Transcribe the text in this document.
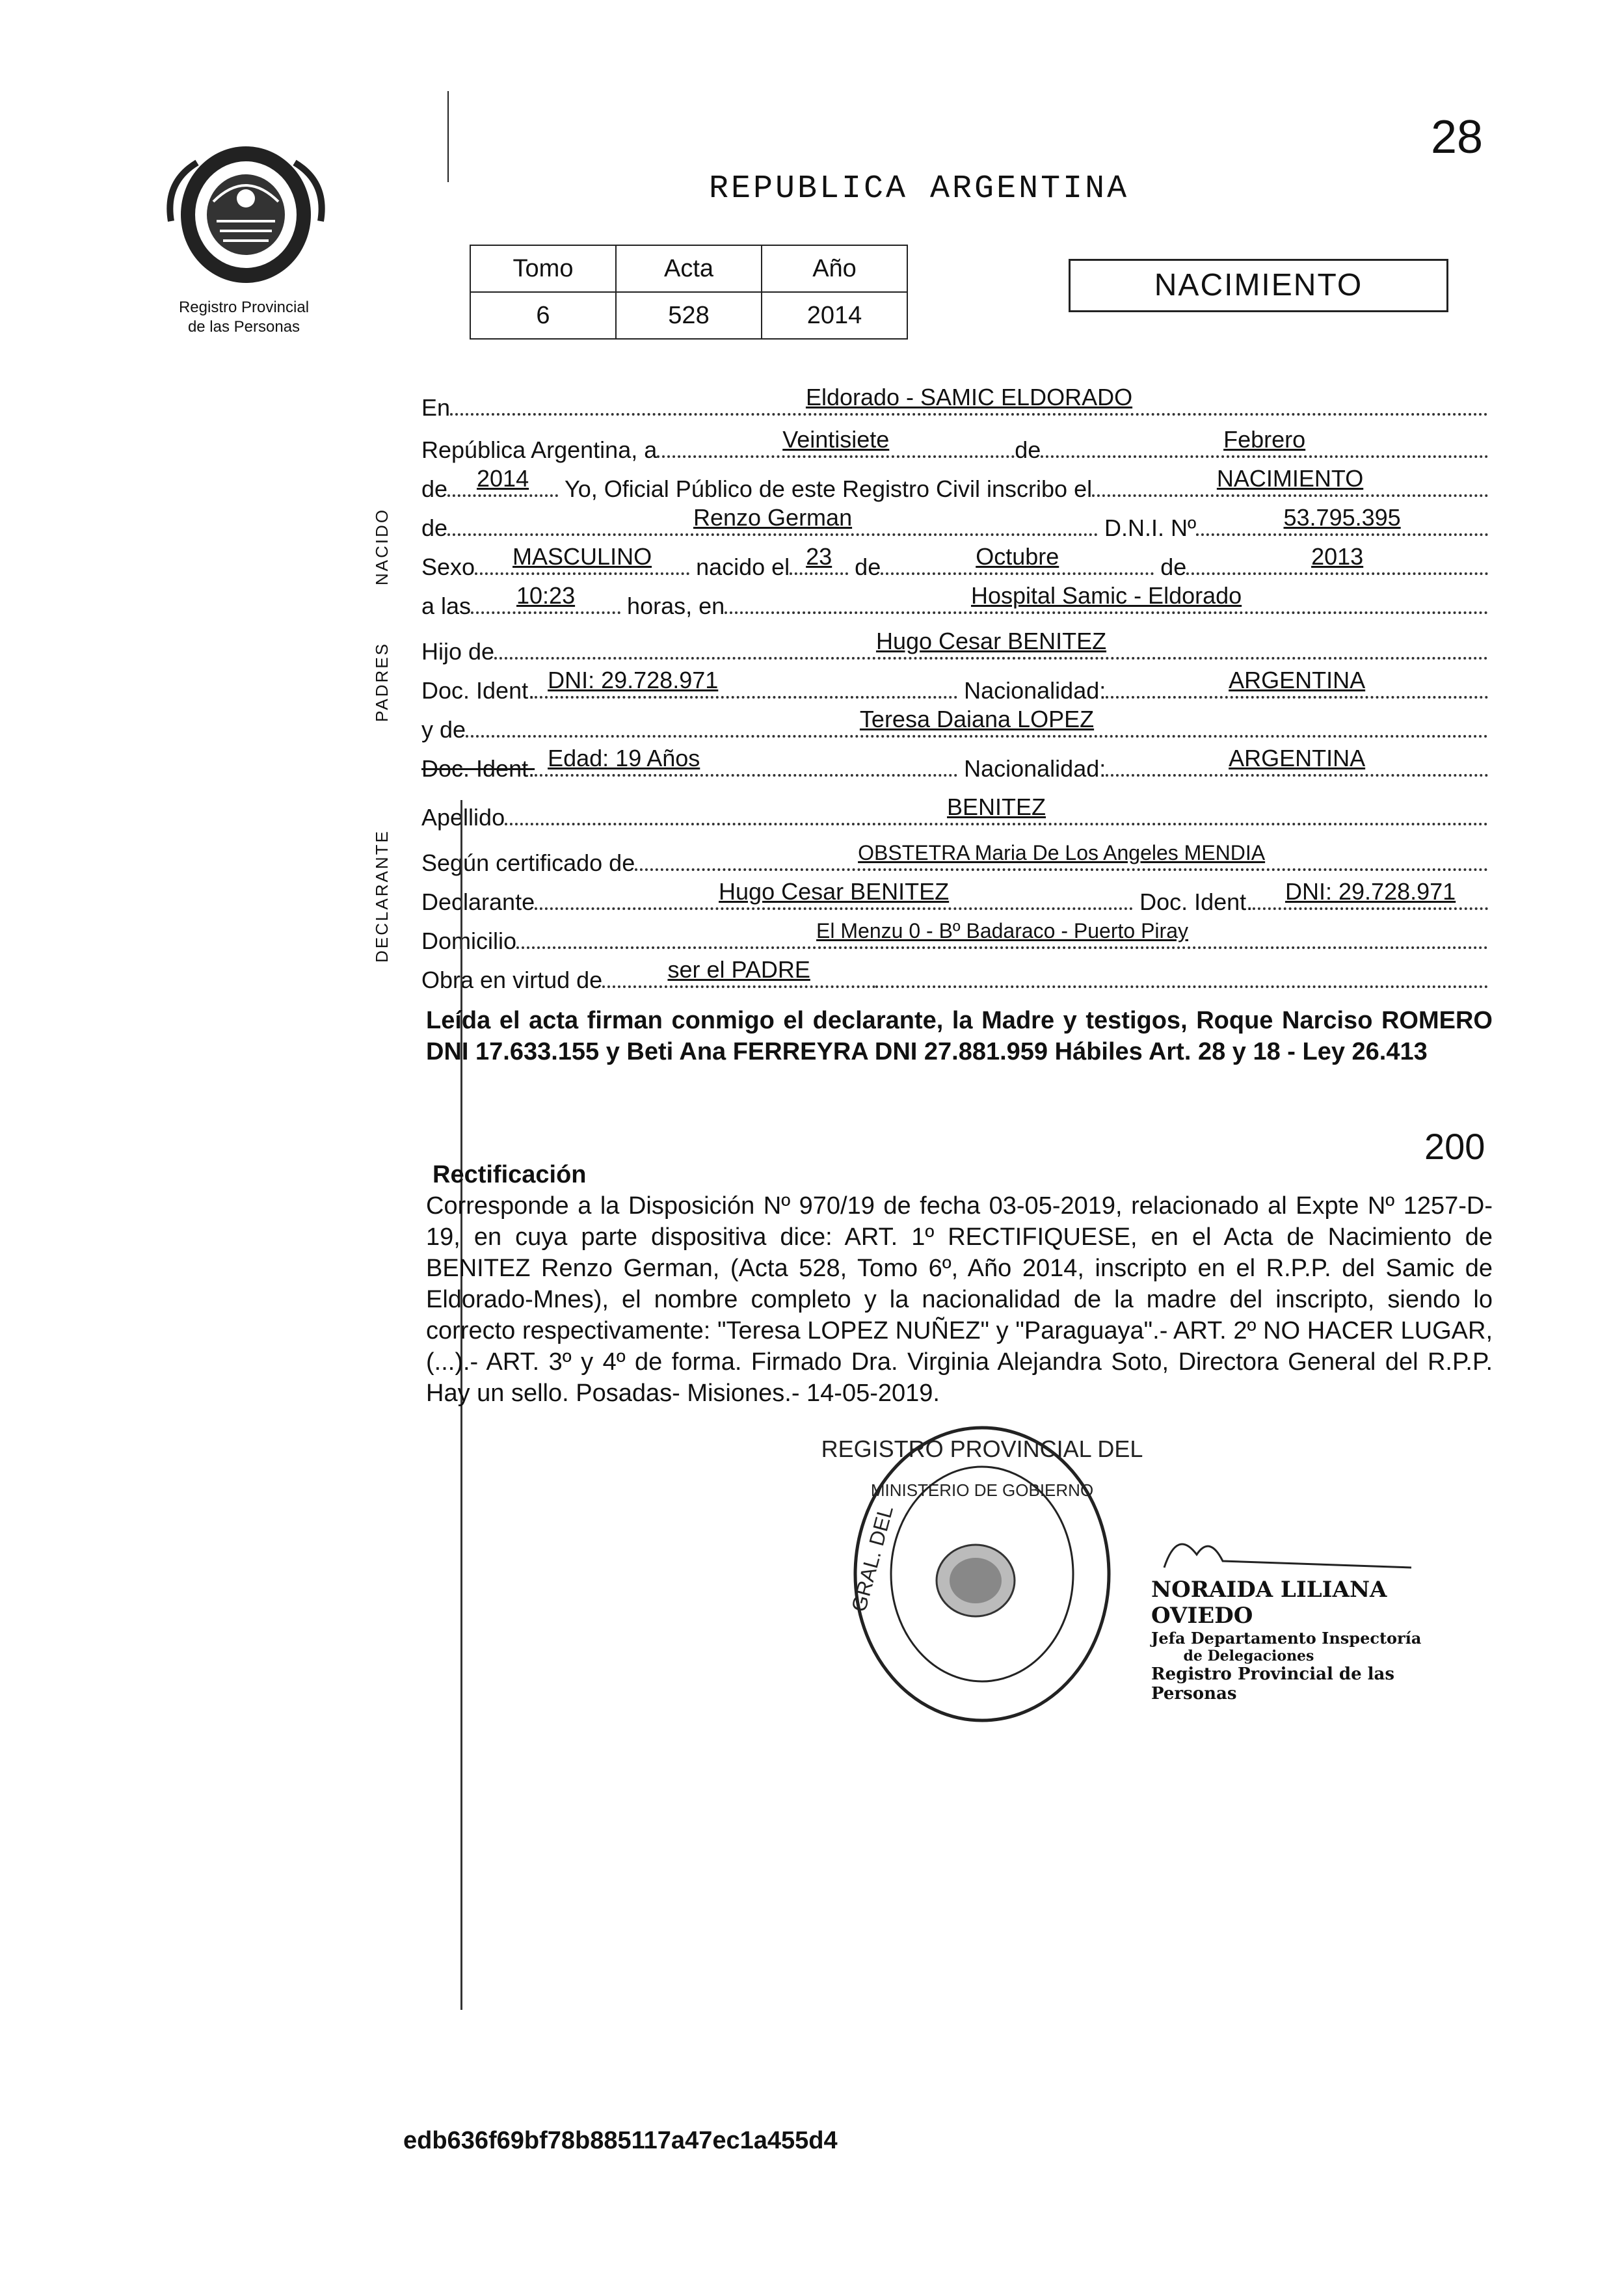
28
Registro Provincial
de las Personas
REPUBLICA ARGENTINA
Tomo	Acta	Año
6	528	2014
NACIMIENTO
NACIDO
PADRES
DECLARANTE
En	Eldorado - SAMIC ELDORADO
República Argentina, a	Veintisiete	de	Febrero
de	2014	Yo, Oficial Público de este Registro Civil inscribo el	NACIMIENTO
de	Renzo German	D.N.I. Nº	53.795.395
Sexo	MASCULINO	nacido el 23 de	Octubre	de	2013
a las	10:23	horas, en	Hospital Samic - Eldorado
Hijo de	Hugo Cesar BENITEZ
Doc. Ident. DNI: 29.728.971	Nacionalidad:	ARGENTINA
y de	Teresa Daiana LOPEZ
Doc. Ident. Edad: 19 Años	Nacionalidad:	ARGENTINA
Apellido	BENITEZ
Según certificado de	OBSTETRA Maria De Los Angeles MENDIA
Declarante	Hugo Cesar BENITEZ	Doc. Ident.	DNI: 29.728.971
Domicilio	El Menzu 0 - Bº Badaraco - Puerto Piray
Obra en virtud de	ser el PADRE
Leída el acta firman conmigo el declarante, la Madre y testigos, Roque Narciso ROMERO DNI 17.633.155 y Beti Ana FERREYRA DNI 27.881.959 Hábiles Art. 28 y 18 - Ley 26.413
200
Rectificación
Corresponde a la Disposición Nº 970/19 de fecha 03-05-2019, relacionado al Expte Nº 1257-D-19, en cuya parte dispositiva dice: ART. 1º RECTIFIQUESE, en el Acta de Nacimiento de BENITEZ Renzo German, (Acta 528, Tomo 6º, Año 2014, inscripto en el R.P.P. del Samic de Eldorado-Mnes), el nombre completo y la nacionalidad de la madre del inscripto, siendo lo correcto respectivamente: "Teresa LOPEZ NUÑEZ" y "Paraguaya".- ART. 2º NO HACER LUGAR, (...).- ART. 3º y 4º de forma. Firmado Dra. Virginia Alejandra Soto, Directora General del R.P.P. Hay un sello. Posadas- Misiones.- 14-05-2019.
REGISTRO PROVINCIAL DEL
GRAL. DEL
MINISTERIO DE GOBIERNO
NORAIDA LILIANA OVIEDO
Jefa Departamento Inspectoría
de Delegaciones
Registro Provincial de las Personas
edb636f69bf78b885117a47ec1a455d4
